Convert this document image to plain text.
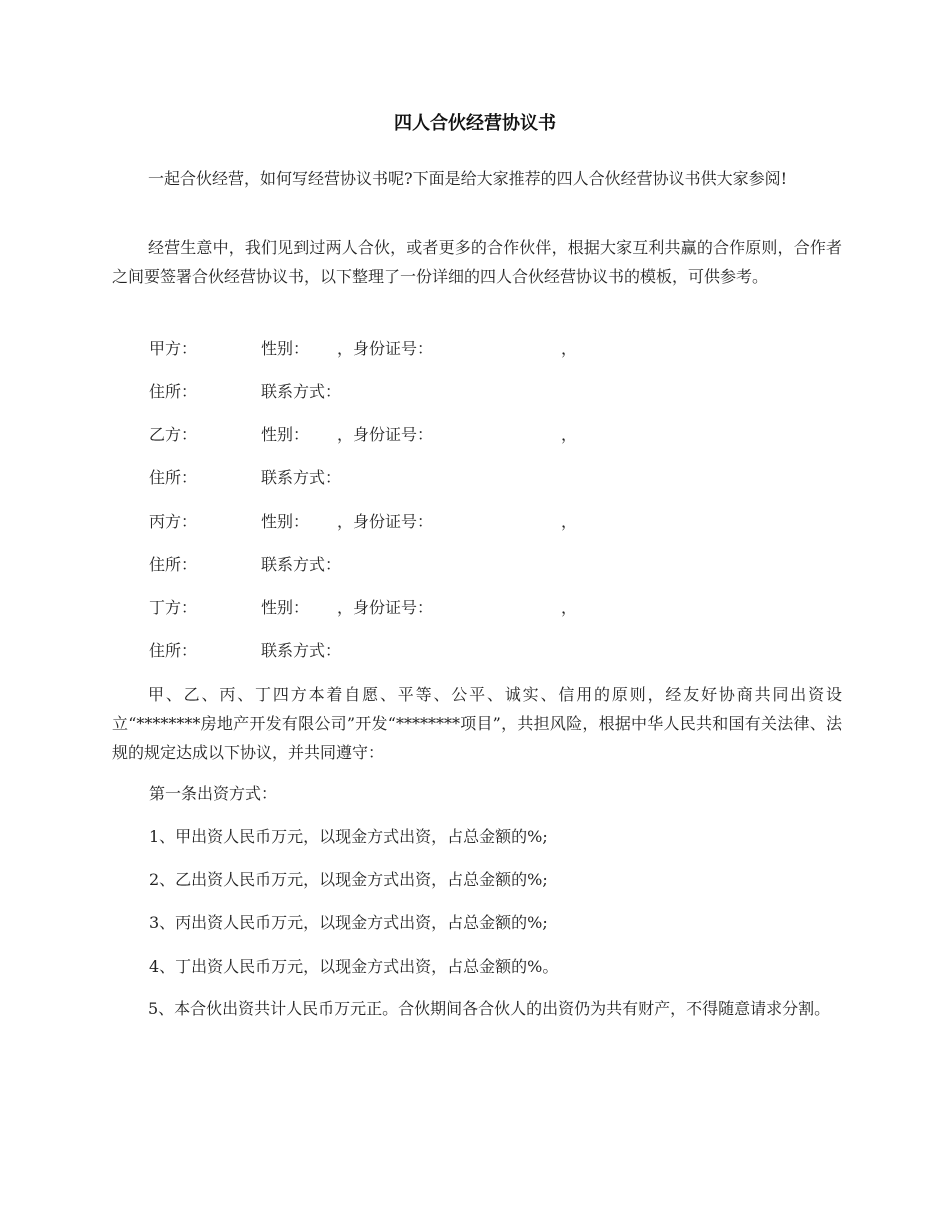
四人合伙经营协议书

一起合伙经营，如何写经营协议书呢?下面是给大家推荐的四人合伙经营协议书供大家参阅!

经营生意中，我们见到过两人合伙，或者更多的合作伙伴，根据大家互利共赢的合作原则，合作者之间要签署合伙经营协议书，以下整理了一份详细的四人合伙经营协议书的模板，可供参考。

甲方：	性别： ，身份证号：	，
住所：	联系方式：
乙方：	性别： ，身份证号：	，
住所：	联系方式：
丙方：	性别： ，身份证号：	，
住所：	联系方式：
丁方：	性别： ，身份证号：	，
住所：	联系方式：

甲、乙、丙、丁四方本着自愿、平等、公平、诚实、信用的原则，经友好协商共同出资设立“********房地产开发有限公司”开发“********项目”，共担风险，根据中华人民共和国有关法律、法规的规定达成以下协议，并共同遵守：

第一条出资方式：
1、甲出资人民币万元，以现金方式出资，占总金额的%;
2、乙出资人民币万元，以现金方式出资，占总金额的%;
3、丙出资人民币万元，以现金方式出资，占总金额的%;
4、丁出资人民币万元，以现金方式出资，占总金额的%。

5、本合伙出资共计人民币万元正。合伙期间各合伙人的出资仍为共有财产，不得随意请求分割。
